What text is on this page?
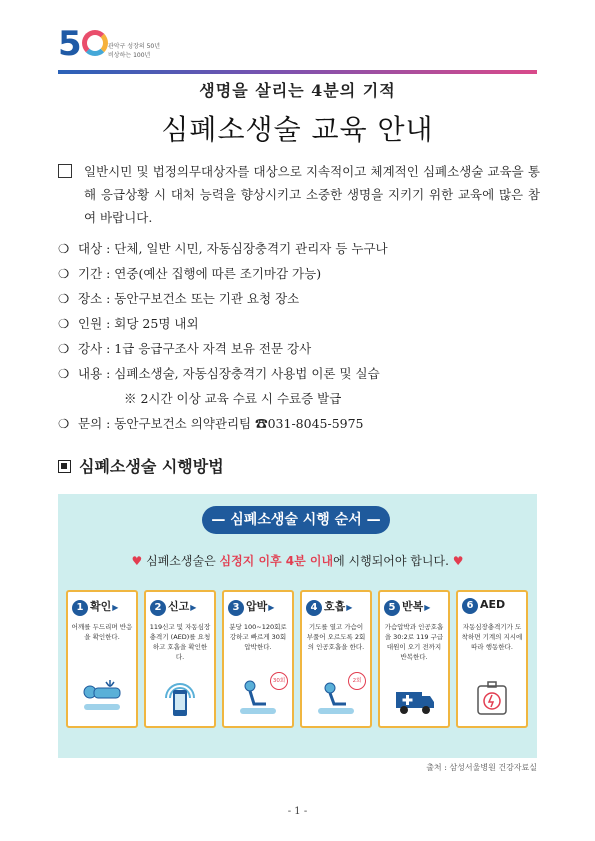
5	관악구 성장의 50년
비상하는 100년
생명을 살리는 4분의 기적
심폐소생술 교육 안내
일반시민 및 법정의무대상자를 대상으로 지속적이고 체계적인 심폐소생술 교육을 통해 응급상황 시 대처 능력을 향상시키고 소중한 생명을 지키기 위한 교육에 많은 참여 바랍니다.
❍ 대상 : 단체, 일반 시민, 자동심장충격기 관리자 등 누구나
❍ 기간 : 연중(예산 집행에 따른 조기마감 가능)
❍ 장소 : 동안구보건소 또는 기관 요청 장소
❍ 인원 : 회당 25명 내외
❍ 강사 : 1급 응급구조사 자격 보유 전문 강사
❍ 내용 : 심폐소생술, 자동심장충격기 사용법 이론 및 실습
※ 2시간 이상 교육 수료 시 수료증 발급
❍ 문의 : 동안구보건소 의약관리팀 ☎031-8045-5975
심폐소생술 시행방법
— 심폐소생술 시행 순서 —
♥ 심폐소생술은 심정지 이후 4분 이내에 시행되어야 합니다. ♥
1 확인▶
어깨를 두드리며 반응을 확인한다.
2 신고▶
119신고 및 자동심장충격기 (AED)를 요청하고 호흡을 확인한다.
3 압박▶
분당 100~120회로 강하고 빠르게 30회 압박한다.
30회
4 호흡▶
기도를 열고 가슴이 부풀어 오르도록 2회의 인공호흡을 한다.
2회
5 반복▶
가슴압박과 인공호흡을 30:2로 119 구급대원이 오기 전까지 반복한다.
6 AED
자동심장충격기가 도착하면 기계의 지시에 따라 행동한다.
출처 : 삼성서울병원 건강자료실
- 1 -
